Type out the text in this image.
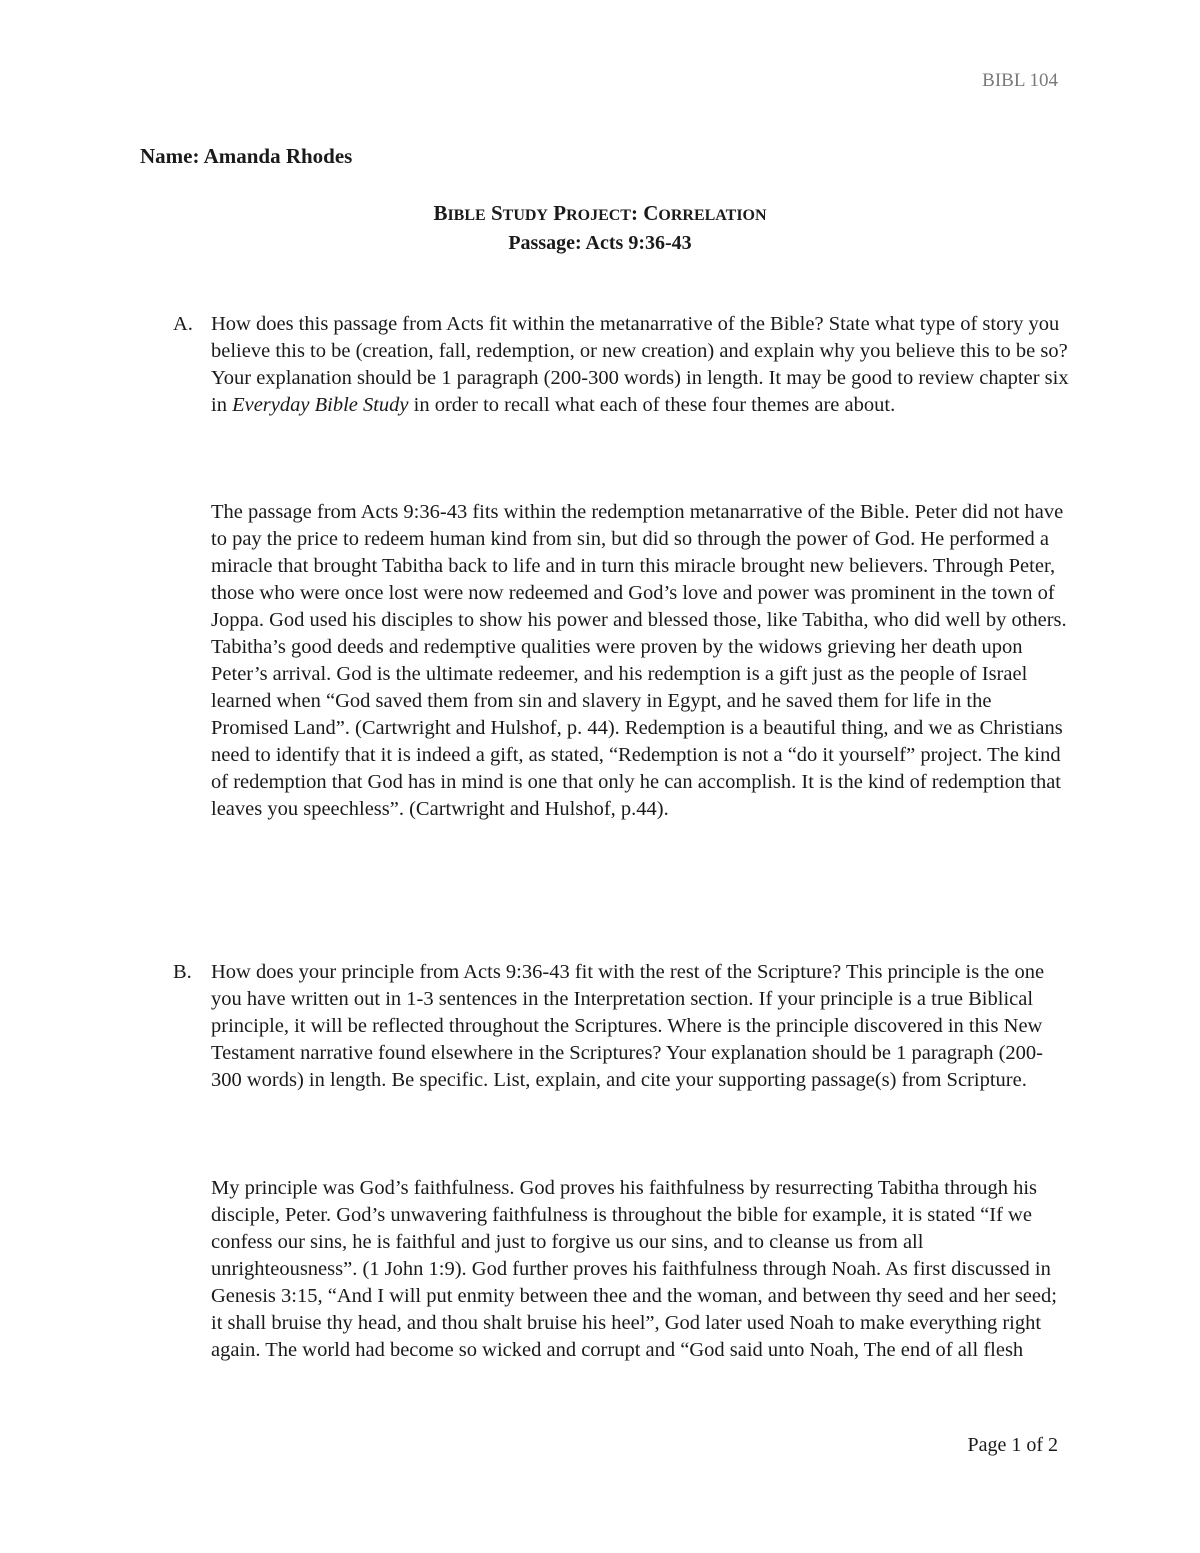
BIBL 104
Name: Amanda Rhodes
BIBLE STUDY PROJECT: CORRELATION
Passage: Acts 9:36-43
A. How does this passage from Acts fit within the metanarrative of the Bible? State what type of story you believe this to be (creation, fall, redemption, or new creation) and explain why you believe this to be so? Your explanation should be 1 paragraph (200-300 words) in length. It may be good to review chapter six in Everyday Bible Study in order to recall what each of these four themes are about.
The passage from Acts 9:36-43 fits within the redemption metanarrative of the Bible. Peter did not have to pay the price to redeem human kind from sin, but did so through the power of God. He performed a miracle that brought Tabitha back to life and in turn this miracle brought new believers. Through Peter, those who were once lost were now redeemed and God’s love and power was prominent in the town of Joppa. God used his disciples to show his power and blessed those, like Tabitha, who did well by others. Tabitha’s good deeds and redemptive qualities were proven by the widows grieving her death upon Peter’s arrival. God is the ultimate redeemer, and his redemption is a gift just as the people of Israel learned when “God saved them from sin and slavery in Egypt, and he saved them for life in the Promised Land”. (Cartwright and Hulshof, p. 44). Redemption is a beautiful thing, and we as Christians need to identify that it is indeed a gift, as stated, “Redemption is not a “do it yourself” project. The kind of redemption that God has in mind is one that only he can accomplish. It is the kind of redemption that leaves you speechless”. (Cartwright and Hulshof, p.44).
B. How does your principle from Acts 9:36-43 fit with the rest of the Scripture? This principle is the one you have written out in 1-3 sentences in the Interpretation section. If your principle is a true Biblical principle, it will be reflected throughout the Scriptures. Where is the principle discovered in this New Testament narrative found elsewhere in the Scriptures? Your explanation should be 1 paragraph (200-300 words) in length. Be specific. List, explain, and cite your supporting passage(s) from Scripture.
My principle was God’s faithfulness. God proves his faithfulness by resurrecting Tabitha through his disciple, Peter. God’s unwavering faithfulness is throughout the bible for example, it is stated “If we confess our sins, he is faithful and just to forgive us our sins, and to cleanse us from all unrighteousness”. (1 John 1:9). God further proves his faithfulness through Noah. As first discussed in Genesis 3:15, “And I will put enmity between thee and the woman, and between thy seed and her seed; it shall bruise thy head, and thou shalt bruise his heel”, God later used Noah to make everything right again. The world had become so wicked and corrupt and “God said unto Noah, The end of all flesh
Page 1 of 2
